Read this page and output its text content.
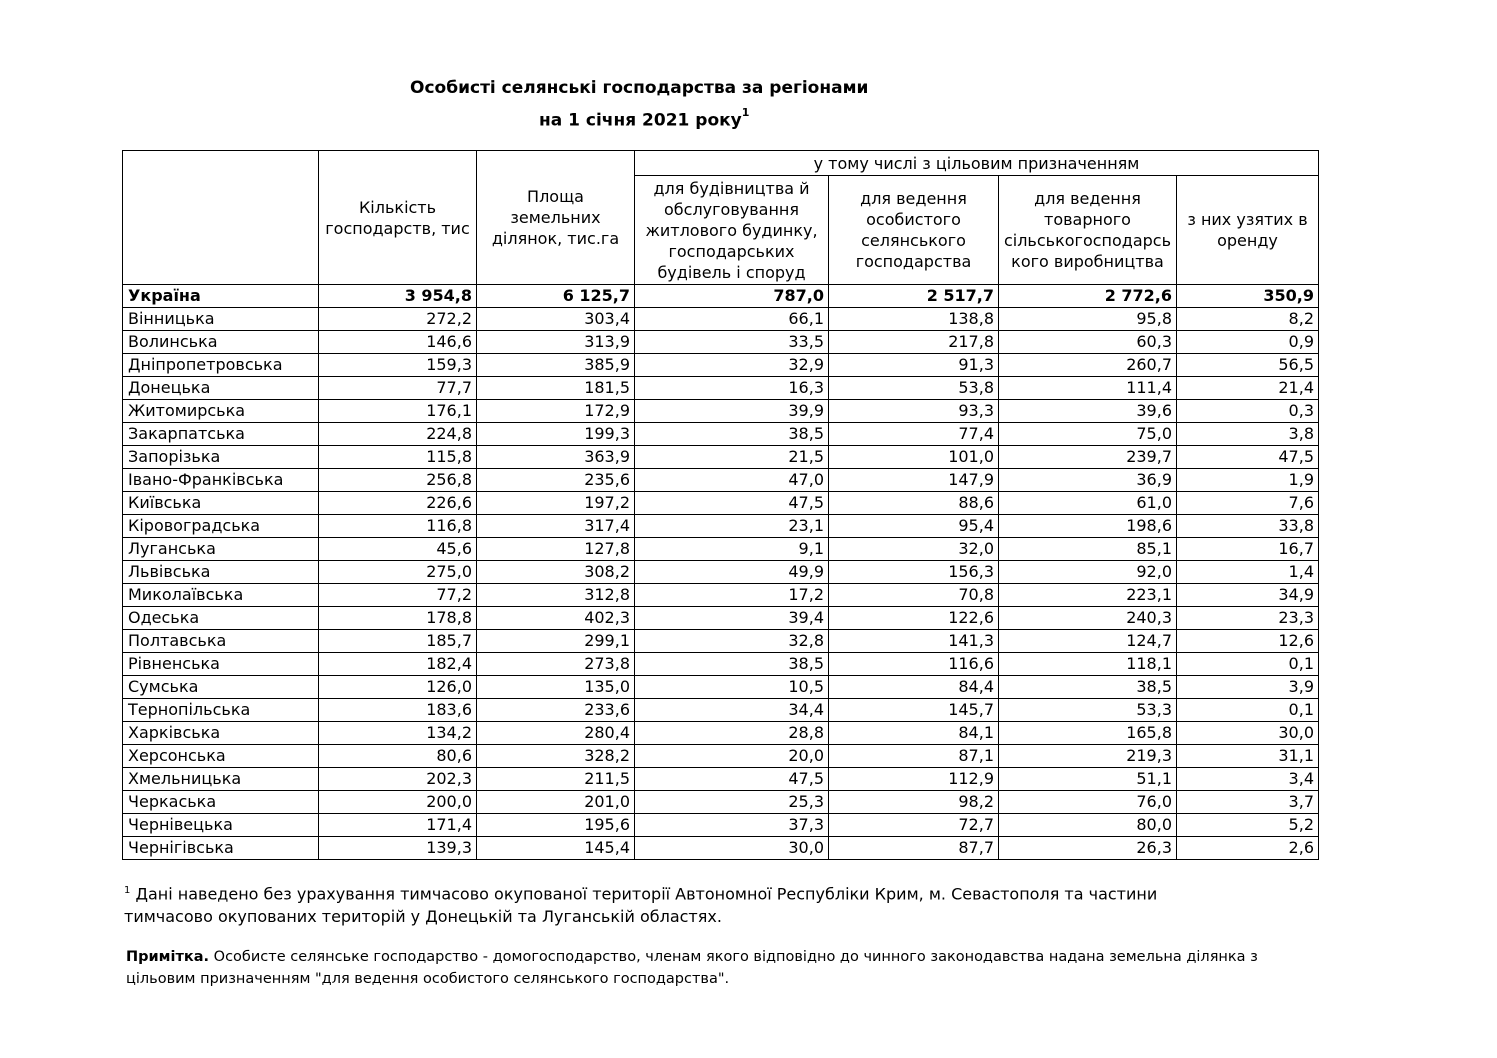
Особисті селянські господарства за регіонами
на 1 січня 2021 року$^1$
	Кількість господарств, тис	Площа земельних ділянок, тис.га	у тому числі з цільовим призначенням			
			для будівництва й обслуговування житлового будинку, господарських будівель і споруд	для ведення особистого селянського господарства	для ведення товарного сільськогосподарсь кого виробництва	з них узятих в оренду
Україна	3 954,8	6 125,7	787,0	2 517,7	2 772,6	350,9
Вінницька	272,2	303,4	66,1	138,8	95,8	8,2
Волинська	146,6	313,9	33,5	217,8	60,3	0,9
Дніпропетровська	159,3	385,9	32,9	91,3	260,7	56,5
Донецька	77,7	181,5	16,3	53,8	111,4	21,4
Житомирська	176,1	172,9	39,9	93,3	39,6	0,3
Закарпатська	224,8	199,3	38,5	77,4	75,0	3,8
Запорізька	115,8	363,9	21,5	101,0	239,7	47,5
Івано-Франківська	256,8	235,6	47,0	147,9	36,9	1,9
Київська	226,6	197,2	47,5	88,6	61,0	7,6
Кіровоградська	116,8	317,4	23,1	95,4	198,6	33,8
Луганська	45,6	127,8	9,1	32,0	85,1	16,7
Львівська	275,0	308,2	49,9	156,3	92,0	1,4
Миколаївська	77,2	312,8	17,2	70,8	223,1	34,9
Одеська	178,8	402,3	39,4	122,6	240,3	23,3
Полтавська	185,7	299,1	32,8	141,3	124,7	12,6
Рівненська	182,4	273,8	38,5	116,6	118,1	0,1
Сумська	126,0	135,0	10,5	84,4	38,5	3,9
Тернопільська	183,6	233,6	34,4	145,7	53,3	0,1
Харківська	134,2	280,4	28,8	84,1	165,8	30,0
Херсонська	80,6	328,2	20,0	87,1	219,3	31,1
Хмельницька	202,3	211,5	47,5	112,9	51,1	3,4
Черкаська	200,0	201,0	25,3	98,2	76,0	3,7
Чернівецька	171,4	195,6	37,3	72,7	80,0	5,2
Чернігівська	139,3	145,4	30,0	87,7	26,3	2,6
$^1$ Дані наведено без урахування тимчасово окупованої території Автономної Республіки Крим, м. Севастополя та частини
тимчасово окупованих територій у Донецькій та Луганській областях.
Примітка. Особисте селянське господарство - домогосподарство, членам якого відповідно до чинного законодавства надана земельна ділянка з
цільовим призначенням "для ведення особистого селянського господарства".
